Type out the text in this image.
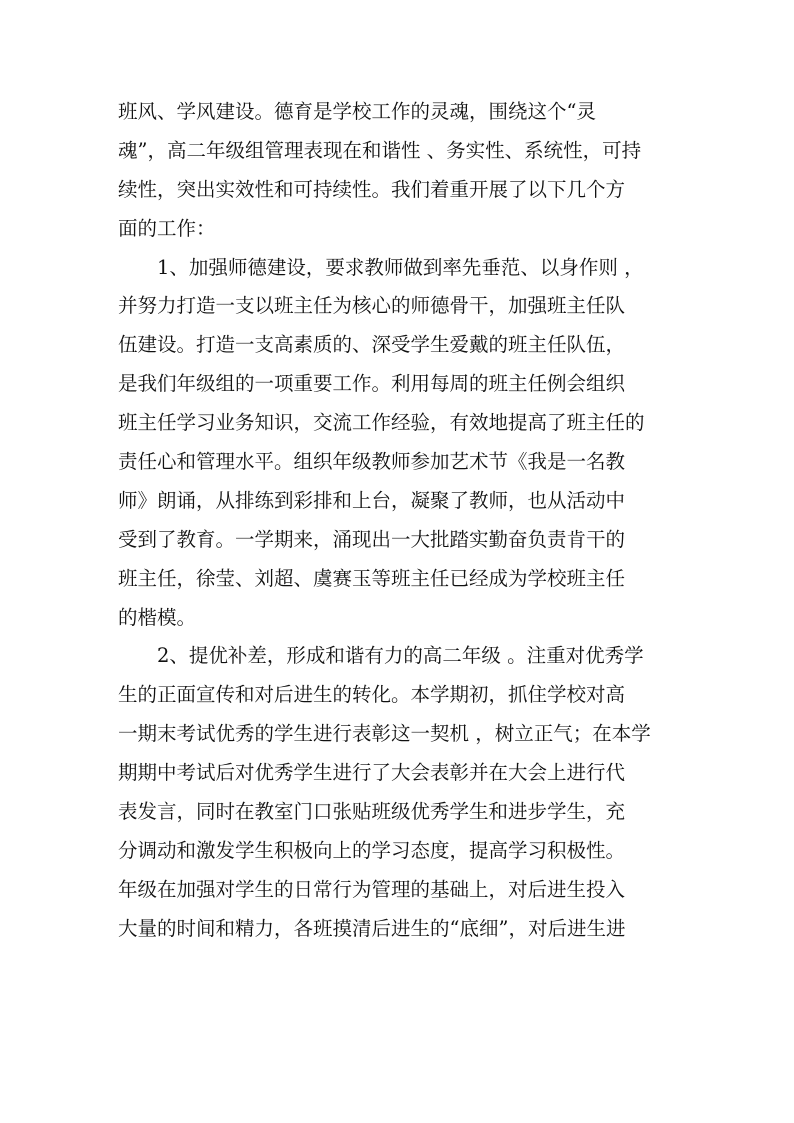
班风、学风建设。德育是学校工作的灵魂，围绕这个“灵
魂”，高二年级组管理表现在和谐性 、务实性、系统性，可持
续性，突出实效性和可持续性。我们着重开展了以下几个方
面的工作：
　　1、加强师德建设，要求教师做到率先垂范、以身作则 ，
并努力打造一支以班主任为核心的师德骨干，加强班主任队
伍建设。打造一支高素质的、深受学生爱戴的班主任队伍，
是我们年级组的一项重要工作。利用每周的班主任例会组织
班主任学习业务知识，交流工作经验，有效地提高了班主任的
责任心和管理水平。组织年级教师参加艺术节《我是一名教
师》朗诵，从排练到彩排和上台，凝聚了教师，也从活动中
受到了教育。一学期来，涌现出一大批踏实勤奋负责肯干的
班主任，徐莹、刘超、虞赛玉等班主任已经成为学校班主任
的楷模。
　　2、提优补差，形成和谐有力的高二年级 。注重对优秀学
生的正面宣传和对后进生的转化。本学期初，抓住学校对高
一期末考试优秀的学生进行表彰这一契机 ，树立正气；在本学
期期中考试后对优秀学生进行了大会表彰并在大会上进行代
表发言，同时在教室门口张贴班级优秀学生和进步学生，充
分调动和激发学生积极向上的学习态度，提高学习积极性。
年级在加强对学生的日常行为管理的基础上，对后进生投入
大量的时间和精力，各班摸清后进生的“底细”，对后进生进
